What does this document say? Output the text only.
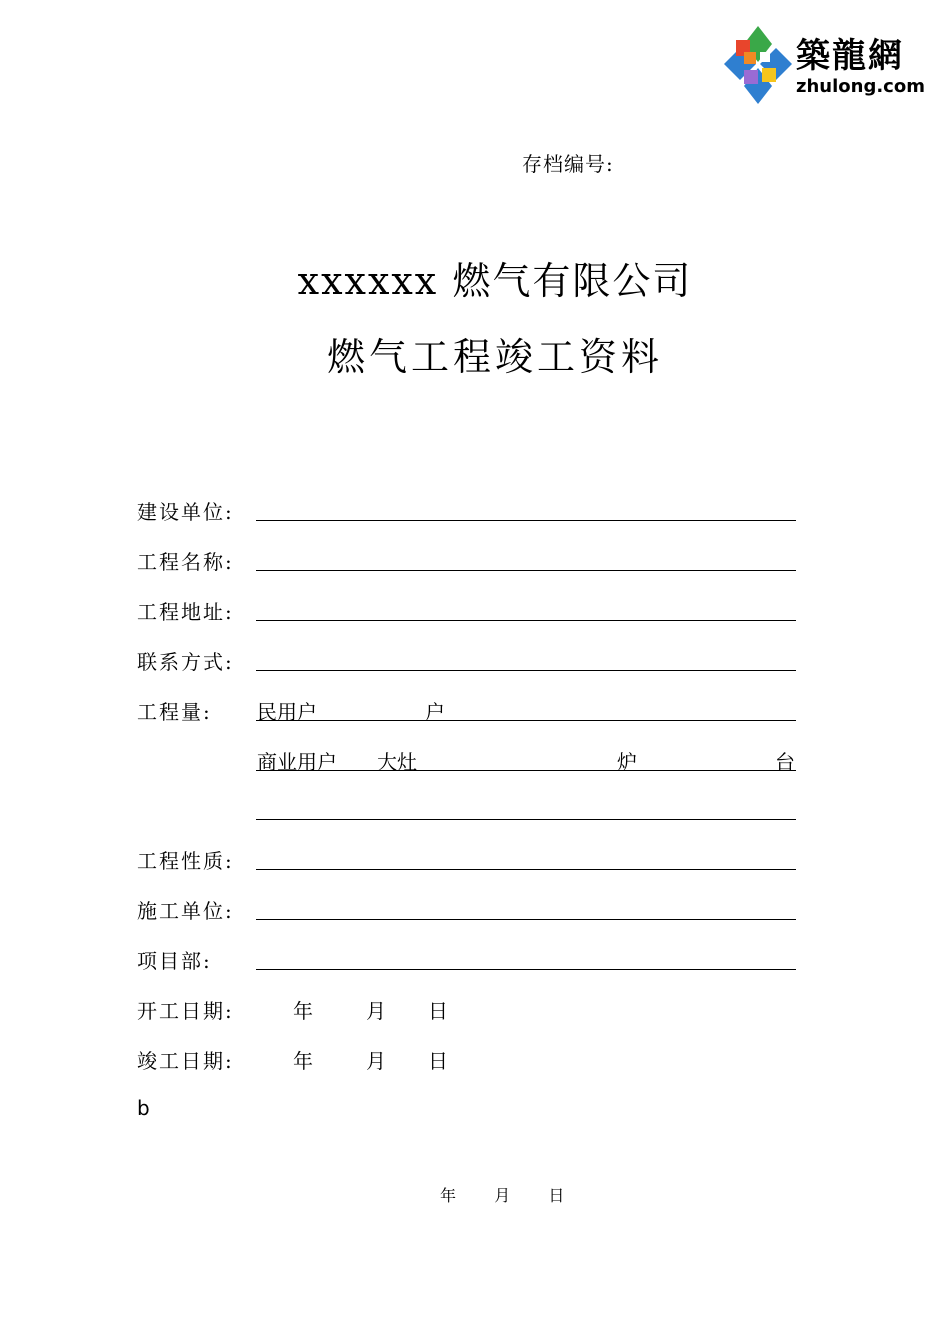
築龍網
zhulong.com
存档编号:
xxxxxx 燃气有限公司
燃气工程竣工资料
建设单位:
工程名称:
工程地址:
联系方式:
工程量: 民用户	户
商业用户 大灶	炉	台
工程性质:
施工单位:
项目部:
开工日期:	年	月 日
竣工日期:	年	月 日
b
年 月 日
